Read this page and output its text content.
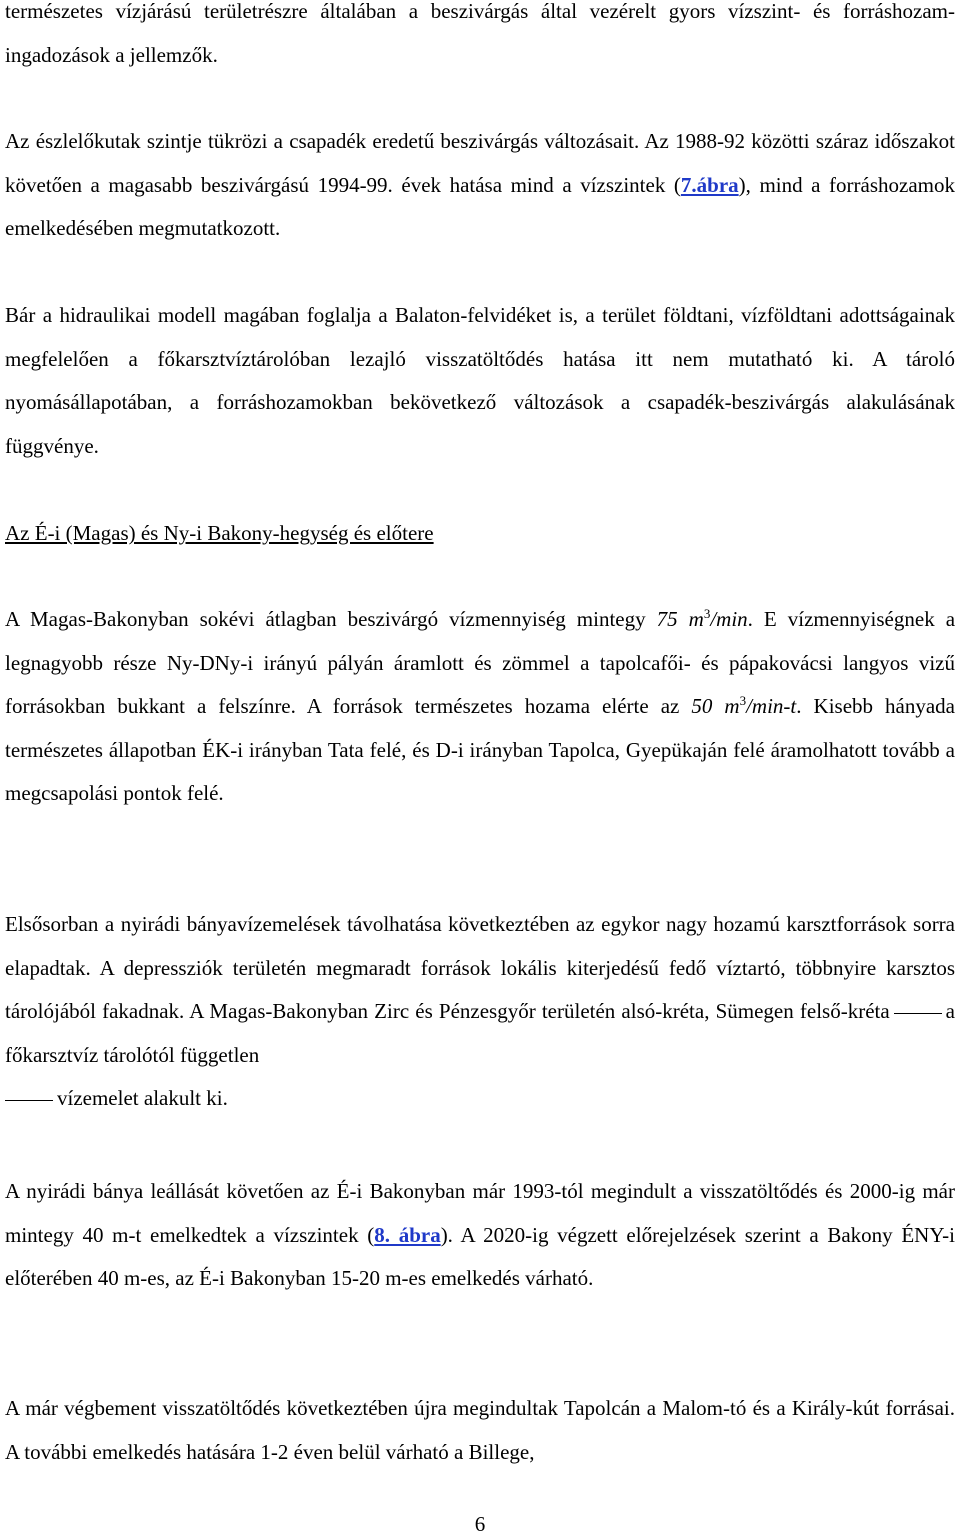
természetes vízjárású területrészre általában a beszivárgás által vezérelt gyors vízszint- és forráshozam-ingadozások a jellemzők.

Az észlelőkutak szintje tükrözi a csapadék eredetű beszivárgás változásait. Az 1988-92 közötti száraz időszakot követően a magasabb beszivárgású 1994-99. évek hatása mind a vízszintek (7.ábra), mind a forráshozamok emelkedésében megmutatkozott.

Bár a hidraulikai modell magában foglalja a Balaton-felvidéket is, a terület földtani, vízföldtani adottságainak megfelelően a főkarsztvíztárolóban lezajló visszatöltődés hatása itt nem mutatható ki. A tároló nyomásállapotában, a forráshozamokban bekövetkező változások a csapadék-beszivárgás alakulásának függvénye.

Az É-i (Magas) és Ny-i Bakony-hegység és előtere

A Magas-Bakonyban sokévi átlagban beszivárgó vízmennyiség mintegy 75 $m^3/\min$. E vízmennyiségnek a legnagyobb része Ny-DNy-i irányú pályán áramlott és zömmel a tapolcafői- és pápakovácsi langyos vizű forrásokban bukkant a felszínre. A források természetes hozama elérte az 50 $m^3/\min-t$. Kisebb hányada természetes állapotban ÉK-i irányban Tata felé, és D-i irányban Tapolca, Gyepükaján felé áramolhatott tovább a megcsapolási pontok felé.

Elsősorban a nyirádi bányavízemelések távolhatása következtében az egykor nagy hozamú karsztforrások sorra elapadtak. A depressziók területén megmaradt források lokális kiterjedésű fedő víztartó, többnyire karsztos tárolójából fakadnak. A Magas-Bakonyban Zirc és Pénzesgyőr területén alsó-kréta, Sümegen felső-kréta	a főkarsztvíz tárolótól független
vízemelet alakult ki.

A nyirádi bánya leállását követően az É-i Bakonyban már 1993-tól megindult a visszatöltődés és 2000-ig már mintegy 40 m-t emelkedtek a vízszintek (8. ábra). A 2020-ig végzett előrejelzések szerint a Bakony ÉNY-i előterében 40 m-es, az É-i Bakonyban 15-20 m-es emelkedés várható.

A már végbement visszatöltődés következtében újra megindultak Tapolcán a Malom-tó és a Király-kút forrásai. A további emelkedés hatására 1-2 éven belül várható a Billege,

6
